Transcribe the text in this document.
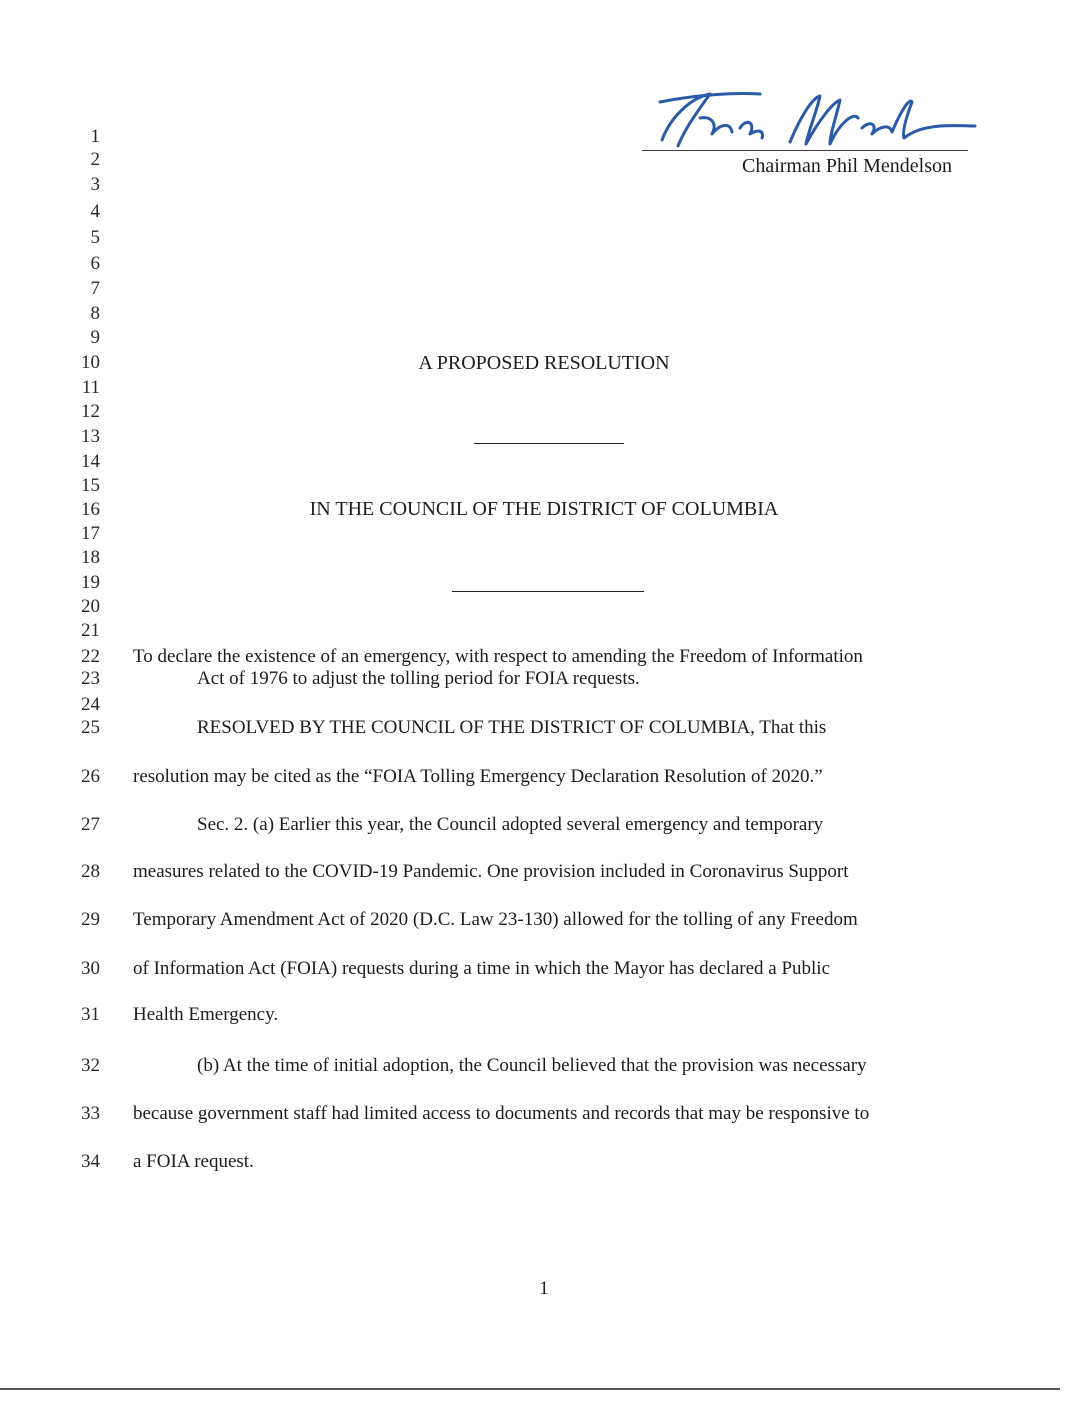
Chairman Phil Mendelson
1
2
3
4
5
6
7
8
9
10
11
12
13
14
15
16
17
18
19
20
21
22
23
24
25
26
27
28
29
30
31
32
33
34
A PROPOSED RESOLUTION
IN THE COUNCIL OF THE DISTRICT OF COLUMBIA
To declare the existence of an emergency, with respect to amending the Freedom of Information
Act of 1976 to adjust the tolling period for FOIA requests.
RESOLVED BY THE COUNCIL OF THE DISTRICT OF COLUMBIA, That this
resolution may be cited as the “FOIA Tolling Emergency Declaration Resolution of 2020.”
Sec. 2. (a) Earlier this year, the Council adopted several emergency and temporary
measures related to the COVID-19 Pandemic. One provision included in Coronavirus Support
Temporary Amendment Act of 2020 (D.C. Law 23-130) allowed for the tolling of any Freedom
of Information Act (FOIA) requests during a time in which the Mayor has declared a Public
Health Emergency.
(b) At the time of initial adoption, the Council believed that the provision was necessary
because government staff had limited access to documents and records that may be responsive to
a FOIA request.
1
